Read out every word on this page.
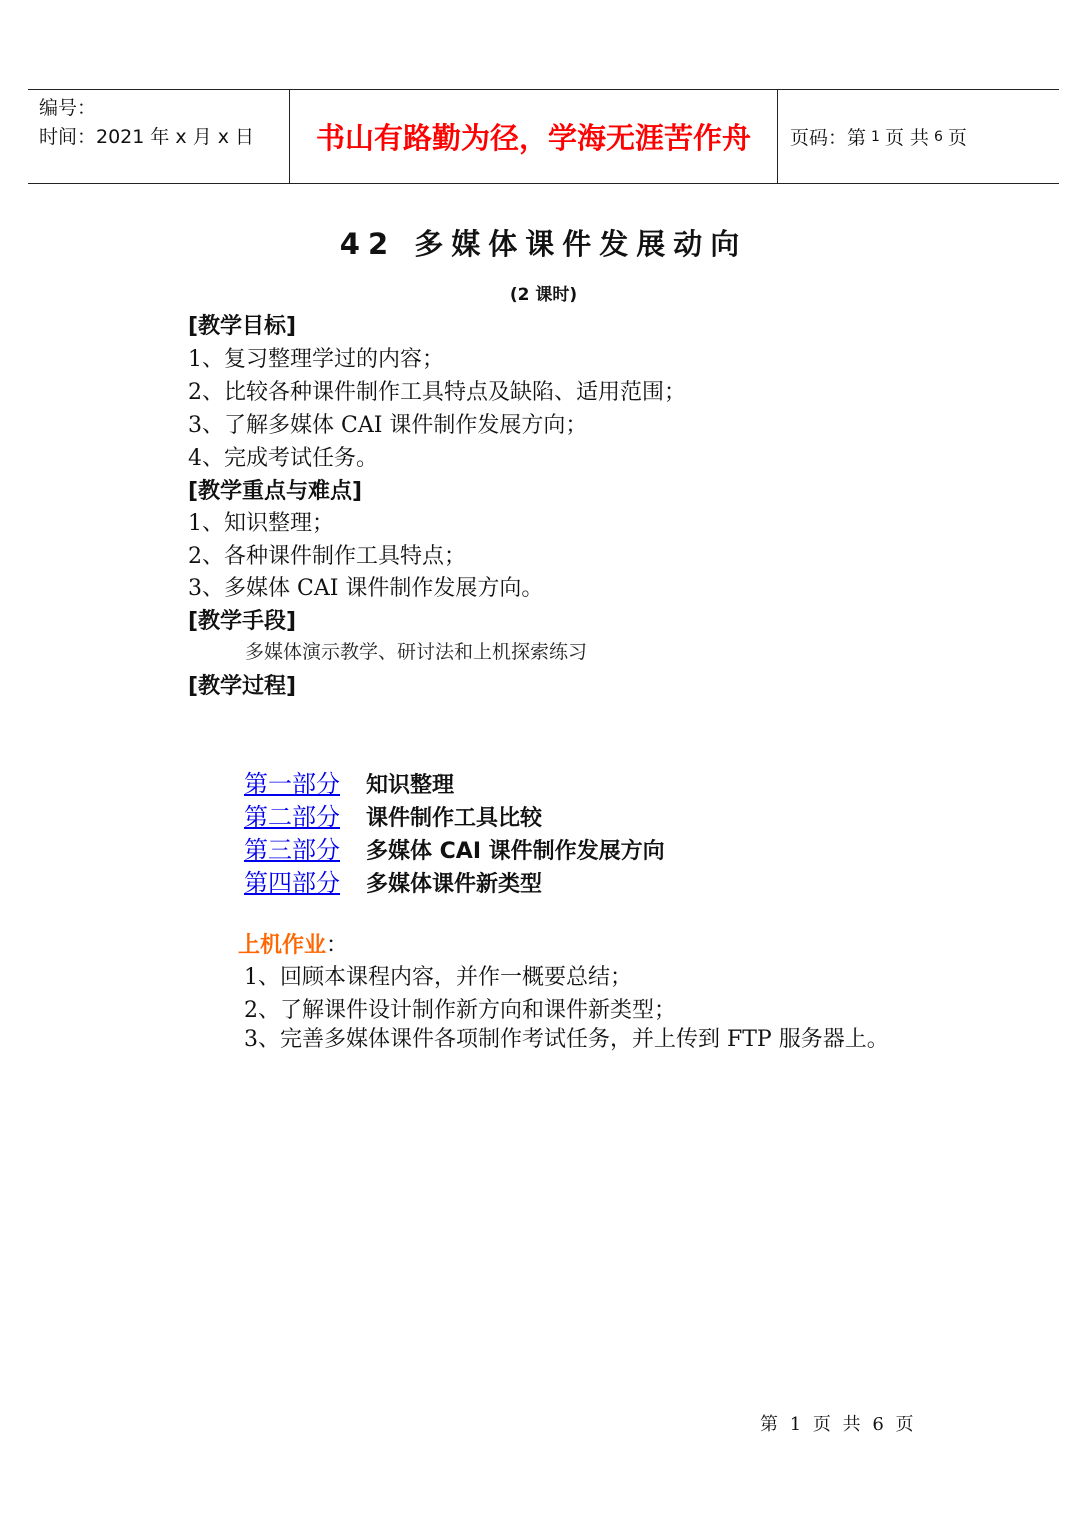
编号：
时间：2021 年 x 月 x 日	书山有路勤为径，学海无涯苦作舟	页码：第 1 页 共 6 页
42 多媒体课件发展动向
(2 课时)
[教学目标]
1、复习整理学过的内容；
2、比较各种课件制作工具特点及缺陷、适用范围；
3、了解多媒体 CAI 课件制作发展方向；
4、完成考试任务。
[教学重点与难点]
1、知识整理；
2、各种课件制作工具特点；
3、多媒体 CAI 课件制作发展方向。
[教学手段]
多媒体演示教学、研讨法和上机探索练习
[教学过程]
第一部分 知识整理
第二部分 课件制作工具比较
第三部分 多媒体 CAI 课件制作发展方向
第四部分 多媒体课件新类型
上机作业：
1、回顾本课程内容，并作一概要总结；
2、了解课件设计制作新方向和课件新类型；
3、完善多媒体课件各项制作考试任务，并上传到 FTP 服务器上。
第 1 页 共 6 页
